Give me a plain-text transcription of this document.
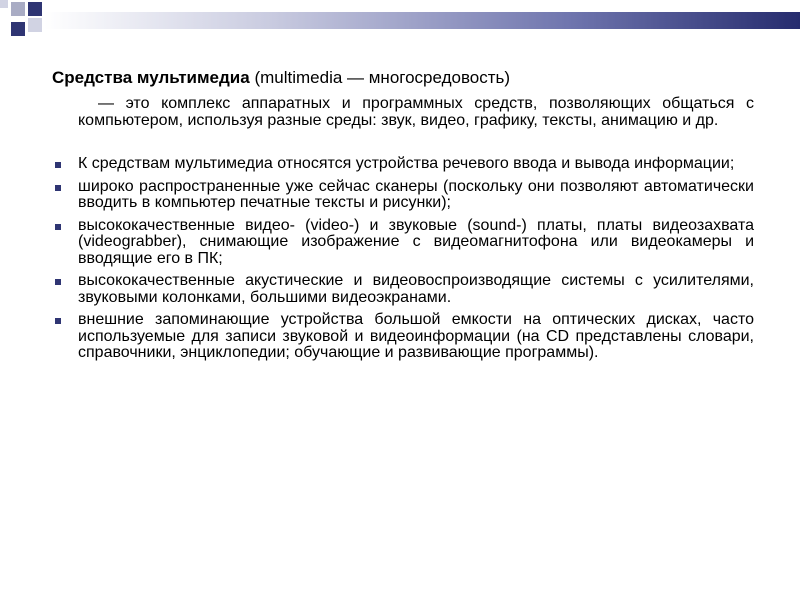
Средства мультимедиа (multimedia — многосредовость)
— это комплекс аппаратных и программных средств, позволяющих общаться с компьютером, используя разные среды: звук, видео, графику, тексты, анимацию и др.
К средствам мультимедиа относятся устройства речевого ввода и вывода информации;
широко распространенные уже сейчас сканеры (поскольку они позволяют автоматически вводить в компьютер печатные тексты и рисунки);
высококачественные видео- (video-) и звуковые (sound-) платы, платы видеозахвата (videograbber), снимающие изображение с видеомагнитофона или видеокамеры и вводящие его в ПК;
высококачественные акустические и видеовоспроизводящие системы с усилителями, звуковыми колонками, большими видеоэкранами.
внешние запоминающие устройства большой емкости на оптических дисках, часто используемые для записи звуковой и видеоинформации (на CD представлены словари, справочники, энциклопедии; обучающие и развивающие программы).
